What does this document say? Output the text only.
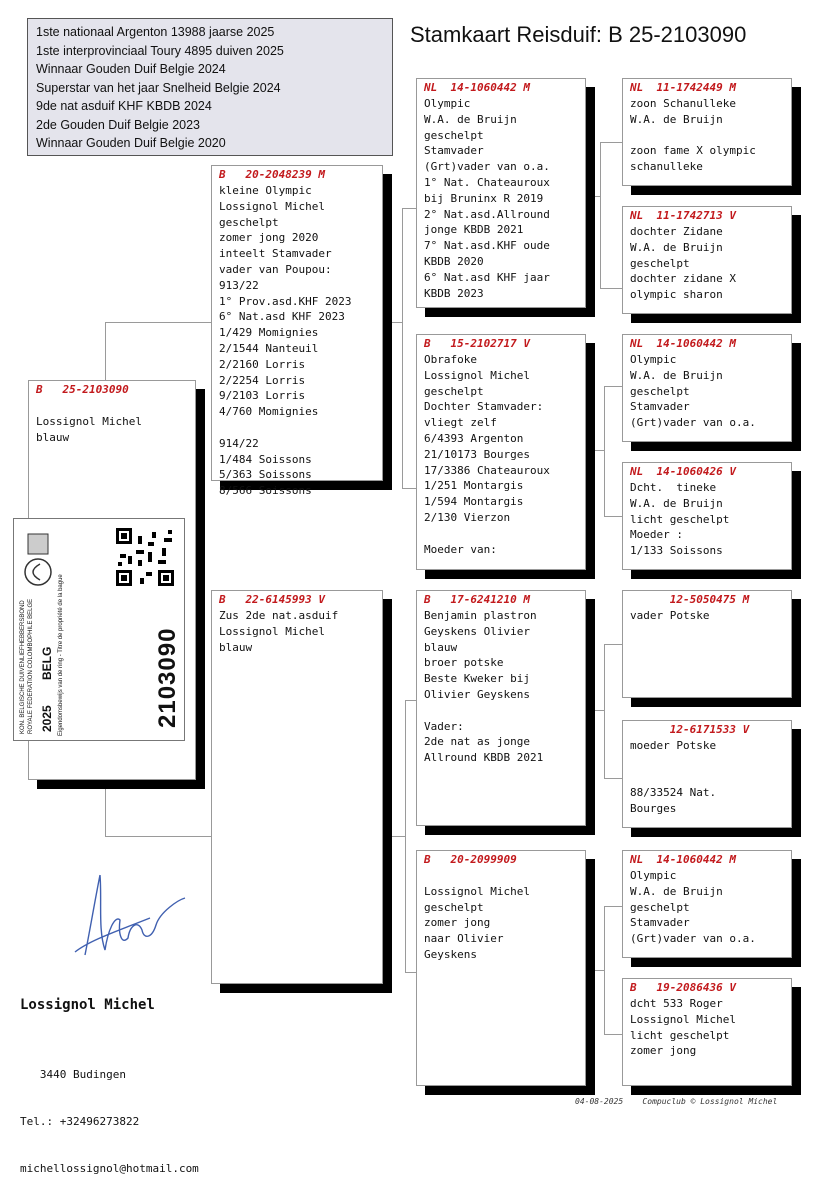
1ste nationaal Argenton 13988 jaarse 2025
1ste interprovinciaal Toury 4895 duiven 2025
Winnaar Gouden Duif Belgie 2024
Superstar van het jaar Snelheid Belgie 2024
9de nat asduif KHF KBDB 2024
2de Gouden Duif Belgie 2023
Winnaar Gouden Duif Belgie 2020
Stamkaart Reisduif: B 25-2103090
B   25-2103090
Lossignol Michel
blauw
KON. BELGISCHE DUIVENLIEFHEBBERSBOND ROYALE FEDERATION COLOMBOPHILE BELGE 2025
BELG Eigendomsbewijs van de ring - Titre de propriété de la bague	2103090
B   20-2048239 M
kleine Olympic
Lossignol Michel
geschelpt
zomer jong 2020
inteelt Stamvader
vader van Poupou:
913/22
1° Prov.asd.KHF 2023
6° Nat.asd KHF 2023
1/429 Momignies
2/1544 Nanteuil
2/2160 Lorris
2/2254 Lorris
9/2103 Lorris
4/760 Momignies
914/22
1/484 Soissons
5/363 Soissons
8/566 Soissons
B   22-6145993 V
Zus 2de nat.asduif
Lossignol Michel
blauw
NL  14-1060442 M
Olympic
W.A. de Bruijn
geschelpt
Stamvader
(Grt)vader van o.a.
1° Nat. Chateauroux
bij Bruninx R 2019
2° Nat.asd.Allround
jonge KBDB 2021
7° Nat.asd.KHF oude
KBDB 2020
6° Nat.asd KHF jaar
KBDB 2023
B   15-2102717 V
Obrafoke
Lossignol Michel
geschelpt
Dochter Stamvader:
vliegt zelf
6/4393 Argenton
21/10173 Bourges
17/3386 Chateauroux
1/251 Montargis
1/594 Montargis
2/130 Vierzon
Moeder van:
B   17-6241210 M
Benjamin plastron
Geyskens Olivier
blauw
broer potske
Beste Kweker bij
Olivier Geyskens
Vader:
2de nat as jonge
Allround KBDB 2021
B   20-2099909
Lossignol Michel
geschelpt
zomer jong
naar Olivier
Geyskens
NL  11-1742449 M
zoon Schanulleke
W.A. de Bruijn
zoon fame X olympic
schanulleke
NL  11-1742713 V
dochter Zidane
W.A. de Bruijn
geschelpt
dochter zidane X
olympic sharon
NL  14-1060442 M
Olympic
W.A. de Bruijn
geschelpt
Stamvader
(Grt)vader van o.a.
NL  14-1060426 V
Dcht.  tineke
W.A. de Bruijn
licht geschelpt
Moeder :
1/133 Soissons
12-5050475 M
vader Potske
12-6171533 V
moeder Potske
88/33524 Nat.
Bourges
NL  14-1060442 M
Olympic
W.A. de Bruijn
geschelpt
Stamvader
(Grt)vader van o.a.
B   19-2086436 V
dcht 533 Roger
Lossignol Michel
licht geschelpt
zomer jong
Lossignol Michel

3440 Budingen

Tel.: +32496273822

michellossignol@hotmail.com

04-08-2025    Compuclub © Lossignol Michel
